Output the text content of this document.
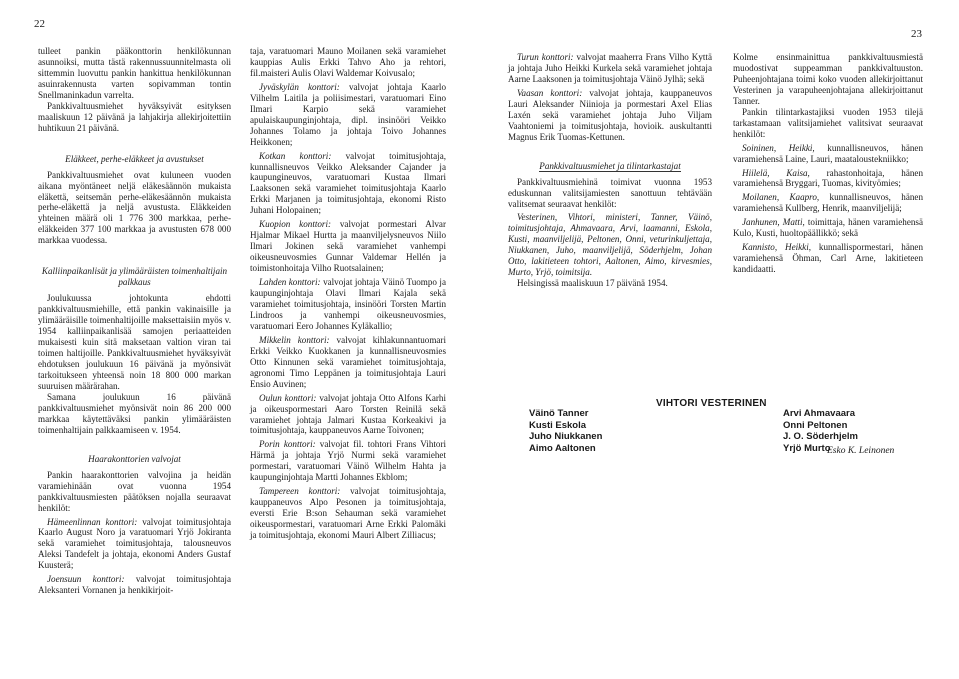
22
23

tulleet pankin pääkonttorin henkilökunnan asunnoiksi, mutta tästä rakennussuunnitelmasta oli sittemmin luovuttu pankin hankittua henkilökunnan asuinrakennusta varten sopivamman tontin Snellmaninkadun varrelta.

Pankkivaltuusmiehet hyväksyivät esityksen maaliskuun 12 päivänä ja lahjakirja allekirjoitettiin huhtikuun 21 päivänä.

Eläkkeet, perhe-eläkkeet ja avustukset

Pankkivaltuusmiehet ovat kuluneen vuoden aikana myöntäneet neljä eläkesäännön mukaista eläkettä, seitsemän perhe-eläkesäännön mukaista perhe-eläkettä ja neljä avustusta. Eläkkeiden yhteinen määrä oli 1 776 300 markkaa, perhe-eläkkeiden 377 100 markkaa ja avustusten 678 000 markkaa vuodessa.

Kalliinpaikanlisät ja ylimääräisten toimenhaltijain palkkaus

Joulukuussa johtokunta ehdotti pankkivaltuusmiehille, että pankin vakinaisille ja ylimääräisille toimenhaltijoille maksettaisiin myös v. 1954 kalliinpaikanlisää samojen periaatteiden mukaisesti kuin sitä maksetaan valtion viran tai toimen haltijoille. Pankkivaltuusmiehet hyväksyivät ehdotuksen joulukuun 16 päivänä ja myönsivät tarkoitukseen yhteensä noin 18 800 000 markan suuruisen määrärahan.

Samana joulukuun 16 päivänä pankkivaltuusmiehet myönsivät noin 86 200 000 markkaa käytettäväksi pankin ylimääräisten toimenhaltijain palkkaamiseen v. 1954.

Haarakonttorien valvojat

Pankin haarakonttorien valvojina ja heidän varamiehinään ovat vuonna 1954 pankkivaltuusmiesten päätöksen nojalla seuraavat henkilöt:

Hämeenlinnan konttori: valvojat toimitusjohtaja Kaarlo August Noro ja varatuomari Yrjö Jokiranta sekä varamiehet toimitusjohtaja, talousneuvos Aleksi Tandefelt ja johtaja, ekonomi Anders Gustaf Kuusterä;

Joensuun konttori: valvojat toimitusjohtaja Aleksanteri Vornanen ja henkikirjoit-

taja, varatuomari Mauno Moilanen sekä varamiehet kauppias Aulis Erkki Tahvo Aho ja rehtori, fil.maisteri Aulis Olavi Waldemar Koivusalo;

Jyväskylän konttori: valvojat johtaja Kaarlo Vilhelm Laitila ja poliisimestari, varatuomari Eino Ilmari Karpio sekä varamiehet apulaiskaupunginjohtaja, dipl. insinööri Veikko Johannes Tolamo ja johtaja Toivo Johannes Heikkonen;

Kotkan konttori: valvojat toimitusjohtaja, kunnallisneuvos Veikko Aleksander Cajander ja kaupungineuvos, varatuomari Kustaa Ilmari Laaksonen sekä varamiehet toimitusjohtaja Kaarlo Erkki Marjanen ja toimitusjohtaja, ekonomi Risto Juhani Holopainen;

Kuopion konttori: valvojat pormestari Alvar Hjalmar Mikael Hurtta ja maanviljelysneuvos Niilo Ilmari Jokinen sekä varamiehet vanhempi oikeusneuvosmies Gunnar Valdemar Hellén ja toimistonhoitaja Vilho Ruotsalainen;

Lahden konttori: valvojat johtaja Väinö Tuompo ja kaupunginjohtaja Olavi Ilmari Kajala sekä varamiehet toimitusjohtaja, insinööri Torsten Martin Lindroos ja vanhempi oikeusneuvosmies, varatuomari Eero Johannes Kyläkallio;

Mikkelin konttori: valvojat kihlakunnantuomari Erkki Veikko Kuokkanen ja kunnallisneuvosmies Otto Kinnunen sekä varamiehet toimitusjohtaja, agronomi Timo Leppänen ja toimitusjohtaja Lauri Ensio Auvinen;

Oulun konttori: valvojat johtaja Otto Alfons Karhi ja oikeuspormestari Aaro Torsten Reinilä sekä varamiehet johtaja Jalmari Kustaa Korkeakivi ja toimitusjohtaja, kauppaneuvos Aarne Toivonen;

Porin konttori: valvojat fil. tohtori Frans Vihtori Härmä ja johtaja Yrjö Nurmi sekä varamiehet pormestari, varatuomari Väinö Wilhelm Hahta ja kaupunginjohtaja Martti Johannes Ekblom;

Tampereen konttori: valvojat toimitusjohtaja, kauppaneuvos Alpo Pesonen ja toimitusjohtaja, eversti Erie B:son Sehauman sekä varamiehet oikeuspormestari, varatuomari Arne Erkki Palomäki ja toimitusjohtaja, ekonomi Mauri Albert Zilliacus;

Turun konttori: valvojat maaherra Frans Vilho Kyttä ja johtaja Juho Heikki Kurkela sekä varamiehet johtaja Aarne Laaksonen ja toimitusjohtaja Väinö Jylhä; sekä

Vaasan konttori: valvojat johtaja, kauppaneuvos Lauri Aleksander Niinioja ja pormestari Axel Elias Laxén sekä varamiehet johtaja Juho Viljam Vaahtoniemi ja toimitusjohtaja, hovioik. auskultantti Magnus Erik Tuomas-Kettunen.

Pankkivaltuusmiehet ja tilintarkastajat

Pankkivaltuusmiehinä toimivat vuonna 1953 eduskunnan valitsijamiesten sanottuun tehtävään valitsemat seuraavat henkilöt:

Vesterinen, Vihtori, ministeri, Tanner, Väinö, toimitusjohtaja, Ahmavaara, Arvi, laamanni, Eskola, Kusti, maanviljelijä, Peltonen, Onni, veturinkuljettaja, Niukkanen, Juho, maanviljelijä, Söderhjelm, Johan Otto, lakitieteen tohtori, Aaltonen, Aimo, kirvesmies, Murto, Yrjö, toimitsija.

Helsingissä maaliskuun 17 päivänä 1954.

Kolme ensinmainittua pankkivaltuusmiestä muodostivat suppeamman pankkivaltuuston. Puheenjohtajana toimi koko vuoden allekirjoittanut Vesterinen ja varapuheenjohtajana allekirjoittanut Tanner.

Pankin tilintarkastajiksi vuoden 1953 tilejä tarkastamaan valitsijamiehet valitsivat seuraavat henkilöt:

Soininen, Heikki, kunnallisneuvos, hänen varamiehensä Laine, Lauri, maataloustekniikko;

Hiilelä, Kaisa, rahastonhoitaja, hänen varamiehensä Bryggari, Tuomas, kivityömies;

Moilanen, Kaapro, kunnallisneuvos, hänen varamiehensä Kullberg, Henrik, maanviljelijä;

Janhunen, Matti, toimittaja, hänen varamiehensä Kulo, Kusti, huoltopäällikkö; sekä

Kannisto, Heikki, kunnallispormestari, hänen varamiehensä Öhman, Carl Arne, lakitieteen kandidaatti.

VIHTORI VESTERINEN
Väinö Tanner
Kusti Eskola
Juho Niukkanen
Aimo Aaltonen
Arvi Ahmavaara
Onni Peltonen
J. O. Söderhjelm
Yrjö Murto
Esko K. Leinonen
